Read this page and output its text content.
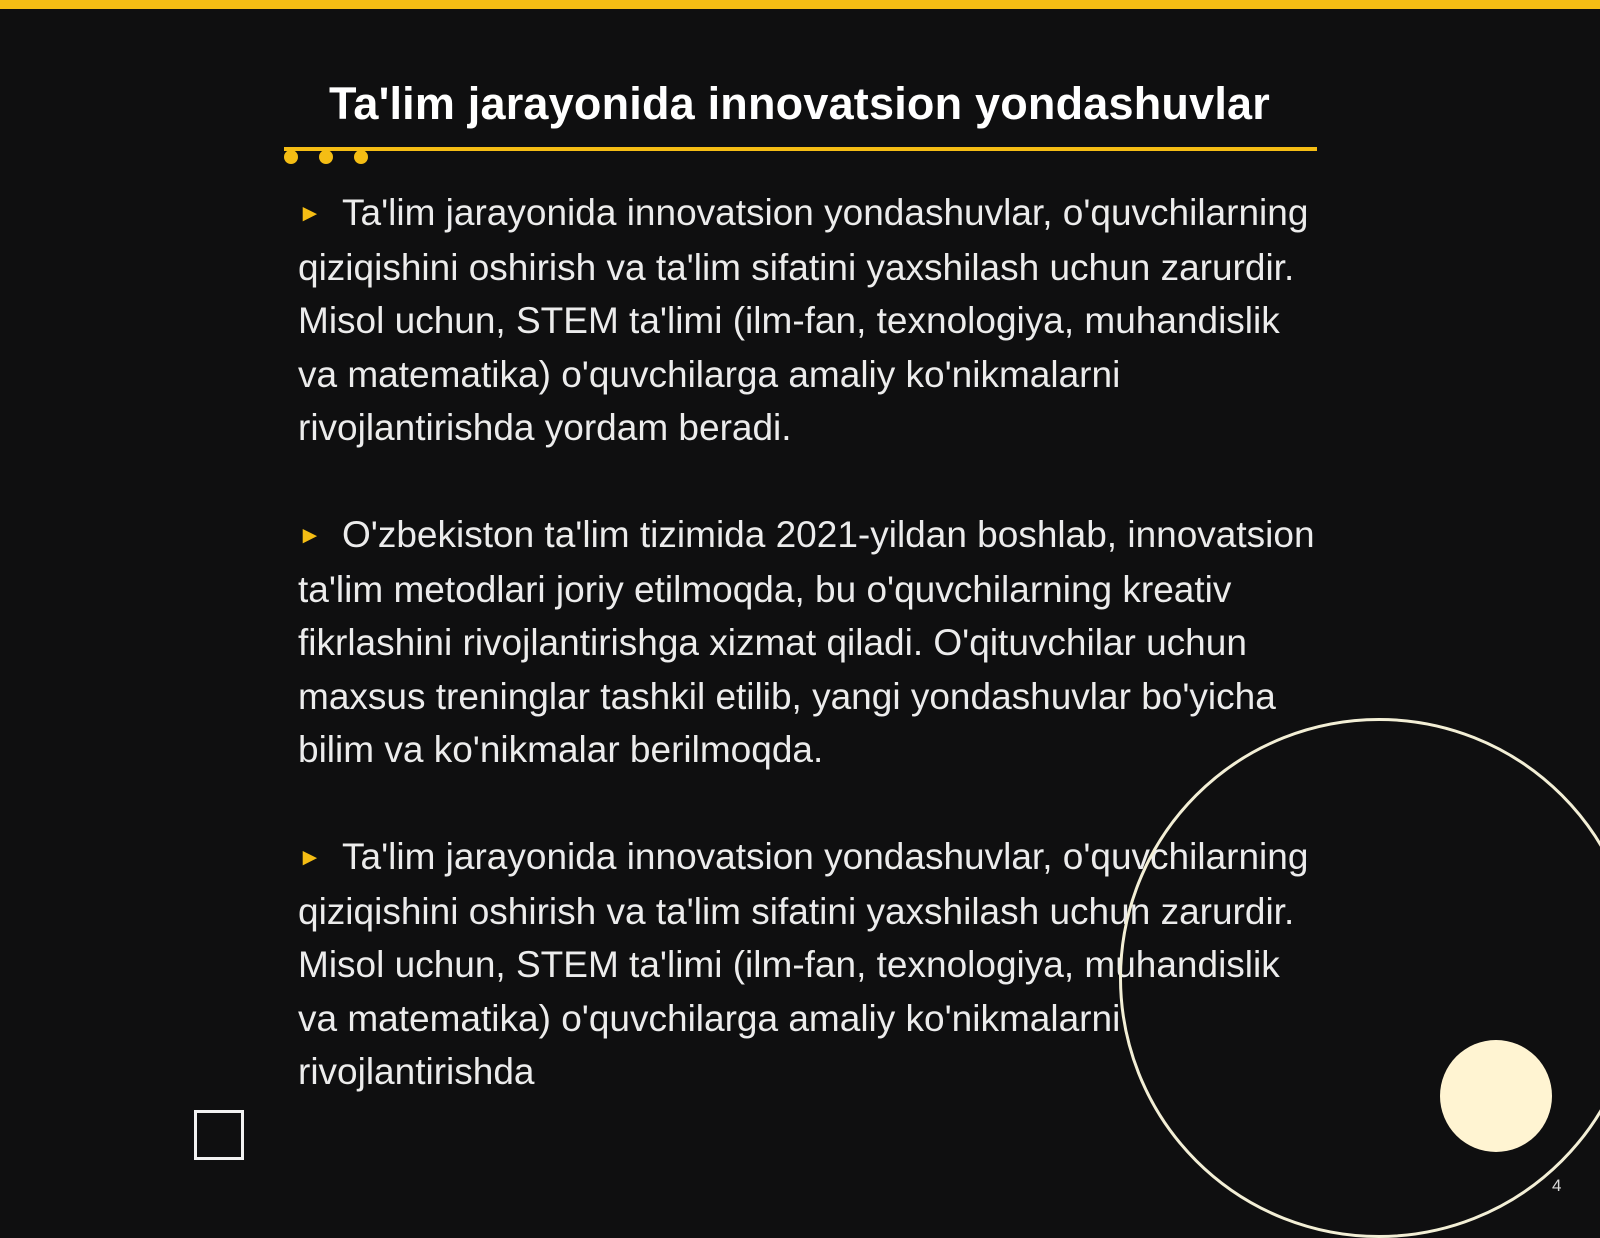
Ta'lim jarayonida innovatsion yondashuvlar

► Ta'lim jarayonida innovatsion yondashuvlar, o'quvchilarning qiziqishini oshirish va ta'lim sifatini yaxshilash uchun zarurdir. Misol uchun, STEM ta'limi (ilm-fan, texnologiya, muhandislik va matematika) o'quvchilarga amaliy ko'nikmalarni rivojlantirishda yordam beradi.

► O'zbekiston ta'lim tizimida 2021-yildan boshlab, innovatsion ta'lim metodlari joriy etilmoqda, bu o'quvchilarning kreativ fikrlashini rivojlantirishga xizmat qiladi. O'qituvchilar uchun maxsus treninglar tashkil etilib, yangi yondashuvlar bo'yicha bilim va ko'nikmalar berilmoqda.

► Ta'lim jarayonida innovatsion yondashuvlar, o'quvchilarning qiziqishini oshirish va ta'lim sifatini yaxshilash uchun zarurdir. Misol uchun, STEM ta'limi (ilm-fan, texnologiya, muhandislik va matematika) o'quvchilarga amaliy ko'nikmalarni rivojlantirishda

4
